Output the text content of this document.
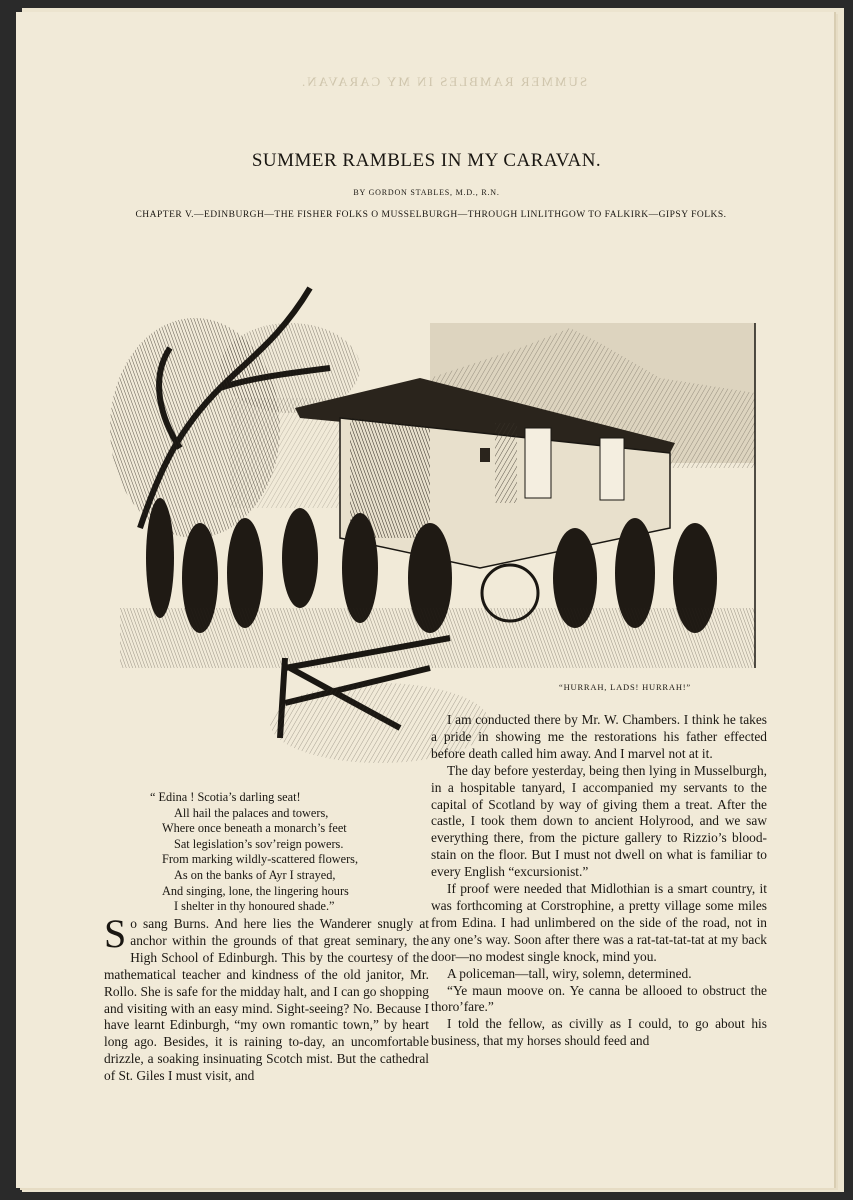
SUMMER RAMBLES IN MY CARAVAN.
SUMMER RAMBLES IN MY CARAVAN.
BY GORDON STABLES, M.D., R.N.
CHAPTER V.—EDINBURGH—THE FISHER FOLKS O MUSSELBURGH—THROUGH LINLITHGOW TO FALKIRK—GIPSY FOLKS.
“HURRAH, LADS! HURRAH!”
“ Edina ! Scotia’s darling seat!
All hail the palaces and towers,
Where once beneath a monarch’s feet
Sat legislation’s sov’reign powers.
From marking wildly-scattered flowers,
As on the banks of Ayr I strayed,
And singing, lone, the lingering hours
I shelter in thy honoured shade.”
So sang Burns. And here lies the Wanderer snugly at anchor within the grounds of that great seminary, the High School of Edinburgh. This by the courtesy of the mathematical teacher and kindness of the old janitor, Mr. Rollo. She is safe for the midday halt, and I can go shopping and visiting with an easy mind. Sight-seeing? No. Because I have learnt Edinburgh, “my own romantic town,” by heart long ago. Besides, it is raining to-day, an uncomfortable drizzle, a soaking insinuating Scotch mist. But the cathedral of St. Giles I must visit, and

I am conducted there by Mr. W. Chambers. I think he takes a pride in showing me the restorations his father effected before death called him away. And I marvel not at it.

The day before yesterday, being then lying in Musselburgh, in a hospitable tanyard, I accompanied my servants to the capital of Scotland by way of giving them a treat. After the castle, I took them down to ancient Holyrood, and we saw everything there, from the picture gallery to Rizzio’s blood-stain on the floor. But I must not dwell on what is familiar to every English “excursionist.”

If proof were needed that Midlothian is a smart country, it was forthcoming at Corstrophine, a pretty village some miles from Edina. I had unlimbered on the side of the road, not in any one’s way. Soon after there was a rat-tat-tat-tat at my back door—no modest single knock, mind you.

A policeman—tall, wiry, solemn, determined.

“Ye maun moove on. Ye canna be allooed to obstruct the thoro’fare.”

I told the fellow, as civilly as I could, to go about his business, that my horses should feed and
